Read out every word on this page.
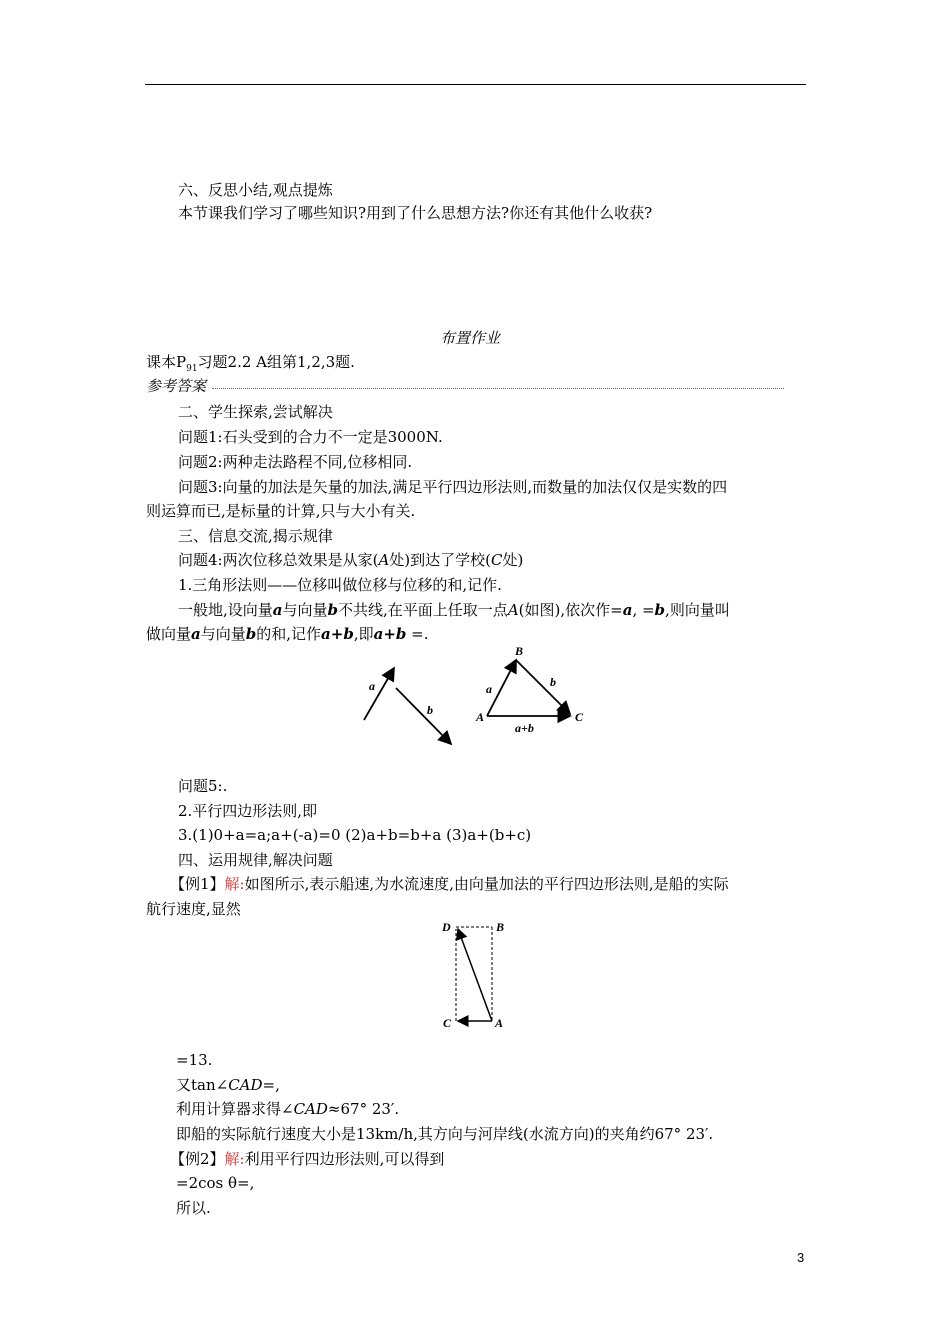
六、反思小结,观点提炼
本节课我们学习了哪些知识?用到了什么思想方法?你还有其他什么收获?
布置作业
课本$P_{91}$习题2.2 A组第1,2,3题.
参考答案
二、学生探索,尝试解决
问题1:石头受到的合力不一定是3000N.
问题2:两种走法路程不同,位移相同.
问题3:向量的加法是矢量的加法,满足平行四边形法则,而数量的加法仅仅是实数的四
则运算而已,是标量的计算,只与大小有关.
三、信息交流,揭示规律
问题4:两次位移总效果是从家(A处)到达了学校(C处)
1.三角形法则——位移叫做位移与位移的和,记作.
一般地,设向量a与向量b不共线,在平面上任取一点A(如图),依次作=a, =b,则向量叫
做向量a与向量b的和,记作a+b,即a+b =.
a
b
B
A	C
a	b
a+b
问题5:.
2.平行四边形法则,即
3.(1)0+a=a;a+(-a)=0 (2)a+b=b+a (3)a+(b+c)
四、运用规律,解决问题
【例1】解:如图所示,表示船速,为水流速度,由向量加法的平行四边形法则,是船的实际
航行速度,显然
D	B
C	A
=13.
又tan∠CAD=,
利用计算器求得∠CAD≈67° 23′.
即船的实际航行速度大小是13km/h,其方向与河岸线(水流方向)的夹角约67° 23′.
【例2】解:利用平行四边形法则,可以得到
=2cos θ=,
所以.
3
